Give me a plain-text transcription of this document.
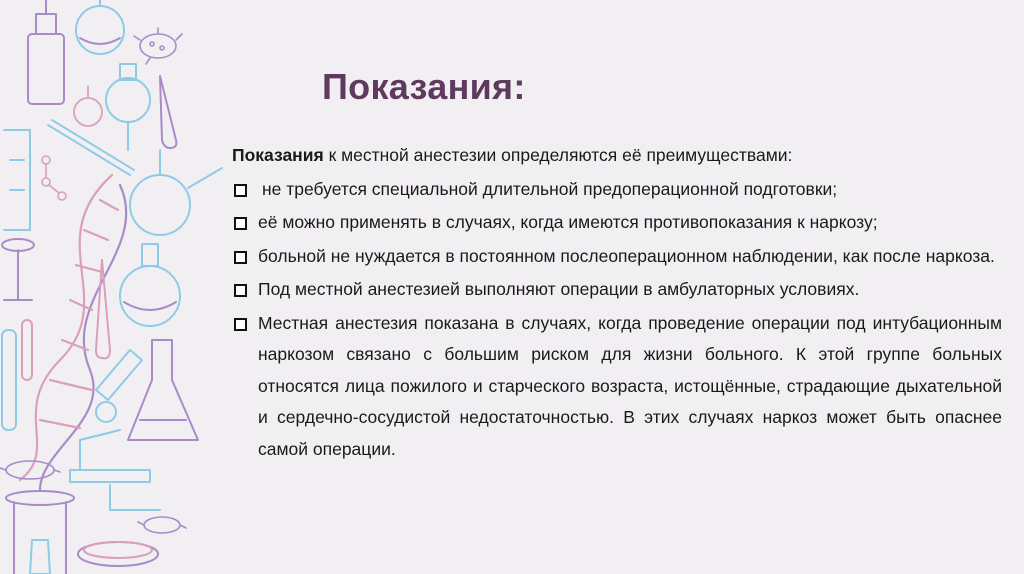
Показания:

Показания к местной анестезии определяются её преимуществами:

не требуется специальной длительной предоперационной подготовки;
её можно применять в случаях, когда имеются противопоказания к наркозу;
больной не нуждается в постоянном послеоперационном наблюдении, как после наркоза.
Под местной анестезией выполняют операции в амбулаторных условиях.
Местная анестезия показана в случаях, когда проведение операции под интубационным наркозом связано с большим риском для жизни больного. К этой группе больных относятся лица пожилого и старческого возраста, истощённые, страдающие дыхательной и сердечно-сосудистой недостаточностью. В этих случаях наркоз может быть опаснее самой операции.
